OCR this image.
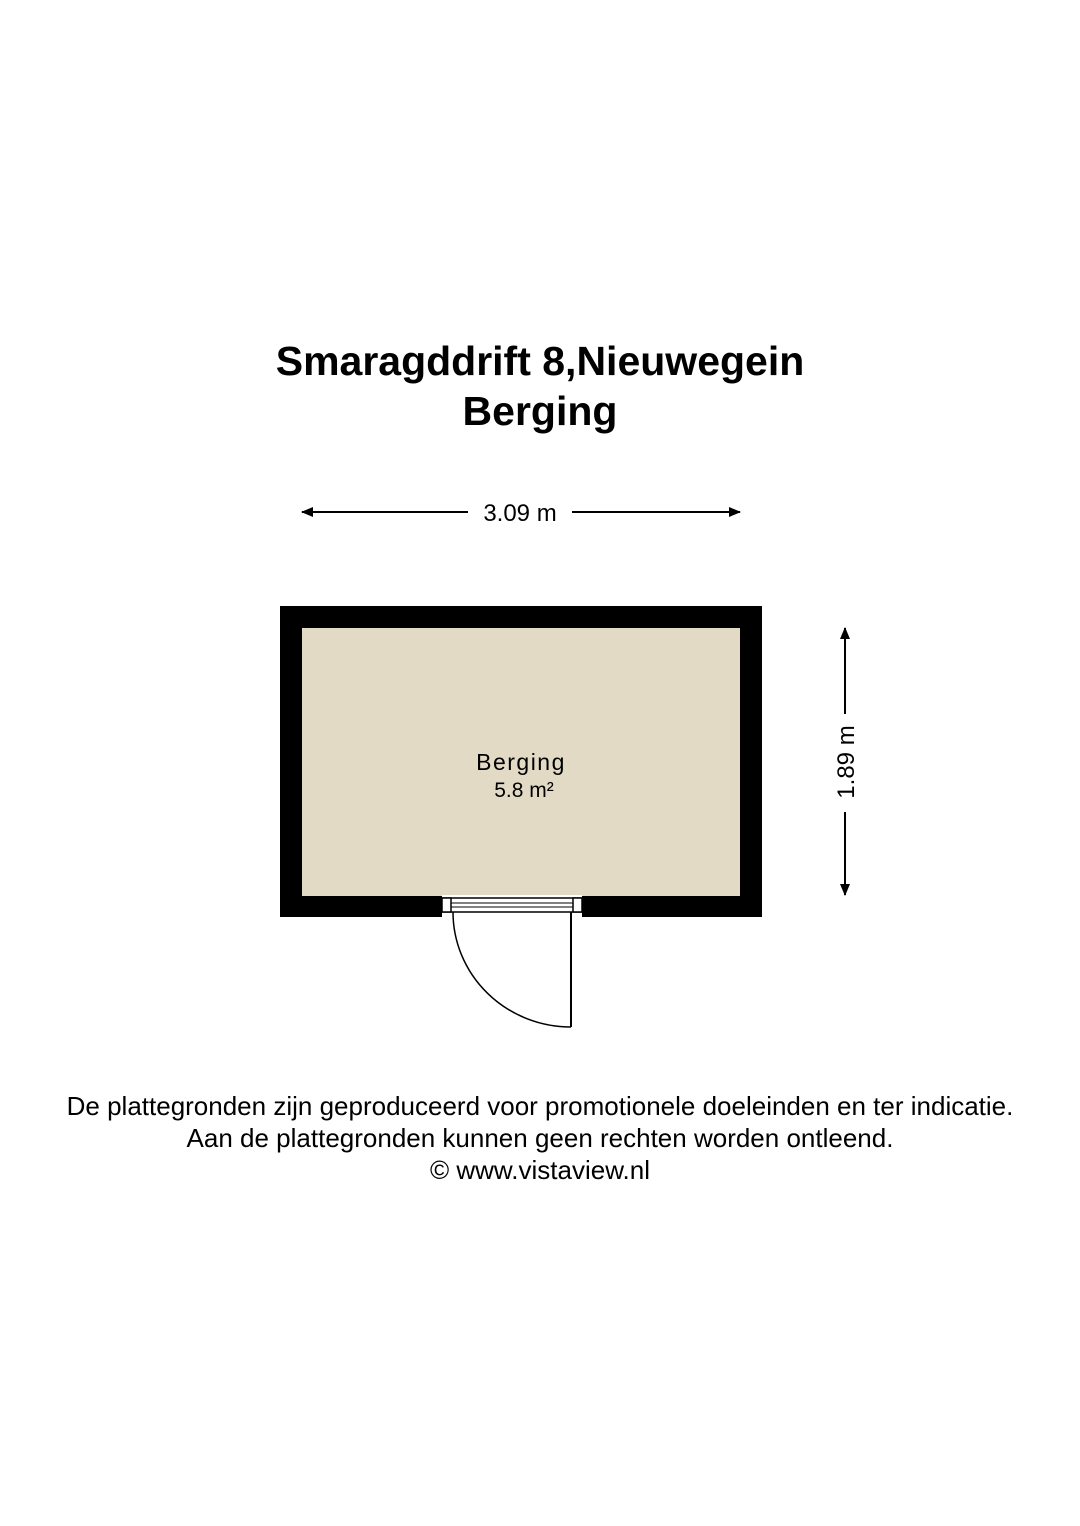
Smaragddrift 8,Nieuwegein
Berging
3.09 m
1.89 m
Berging
5.8 m²
De plattegronden zijn geproduceerd voor promotionele doeleinden en ter indicatie.
Aan de plattegronden kunnen geen rechten worden ontleend.
© www.vistaview.nl
